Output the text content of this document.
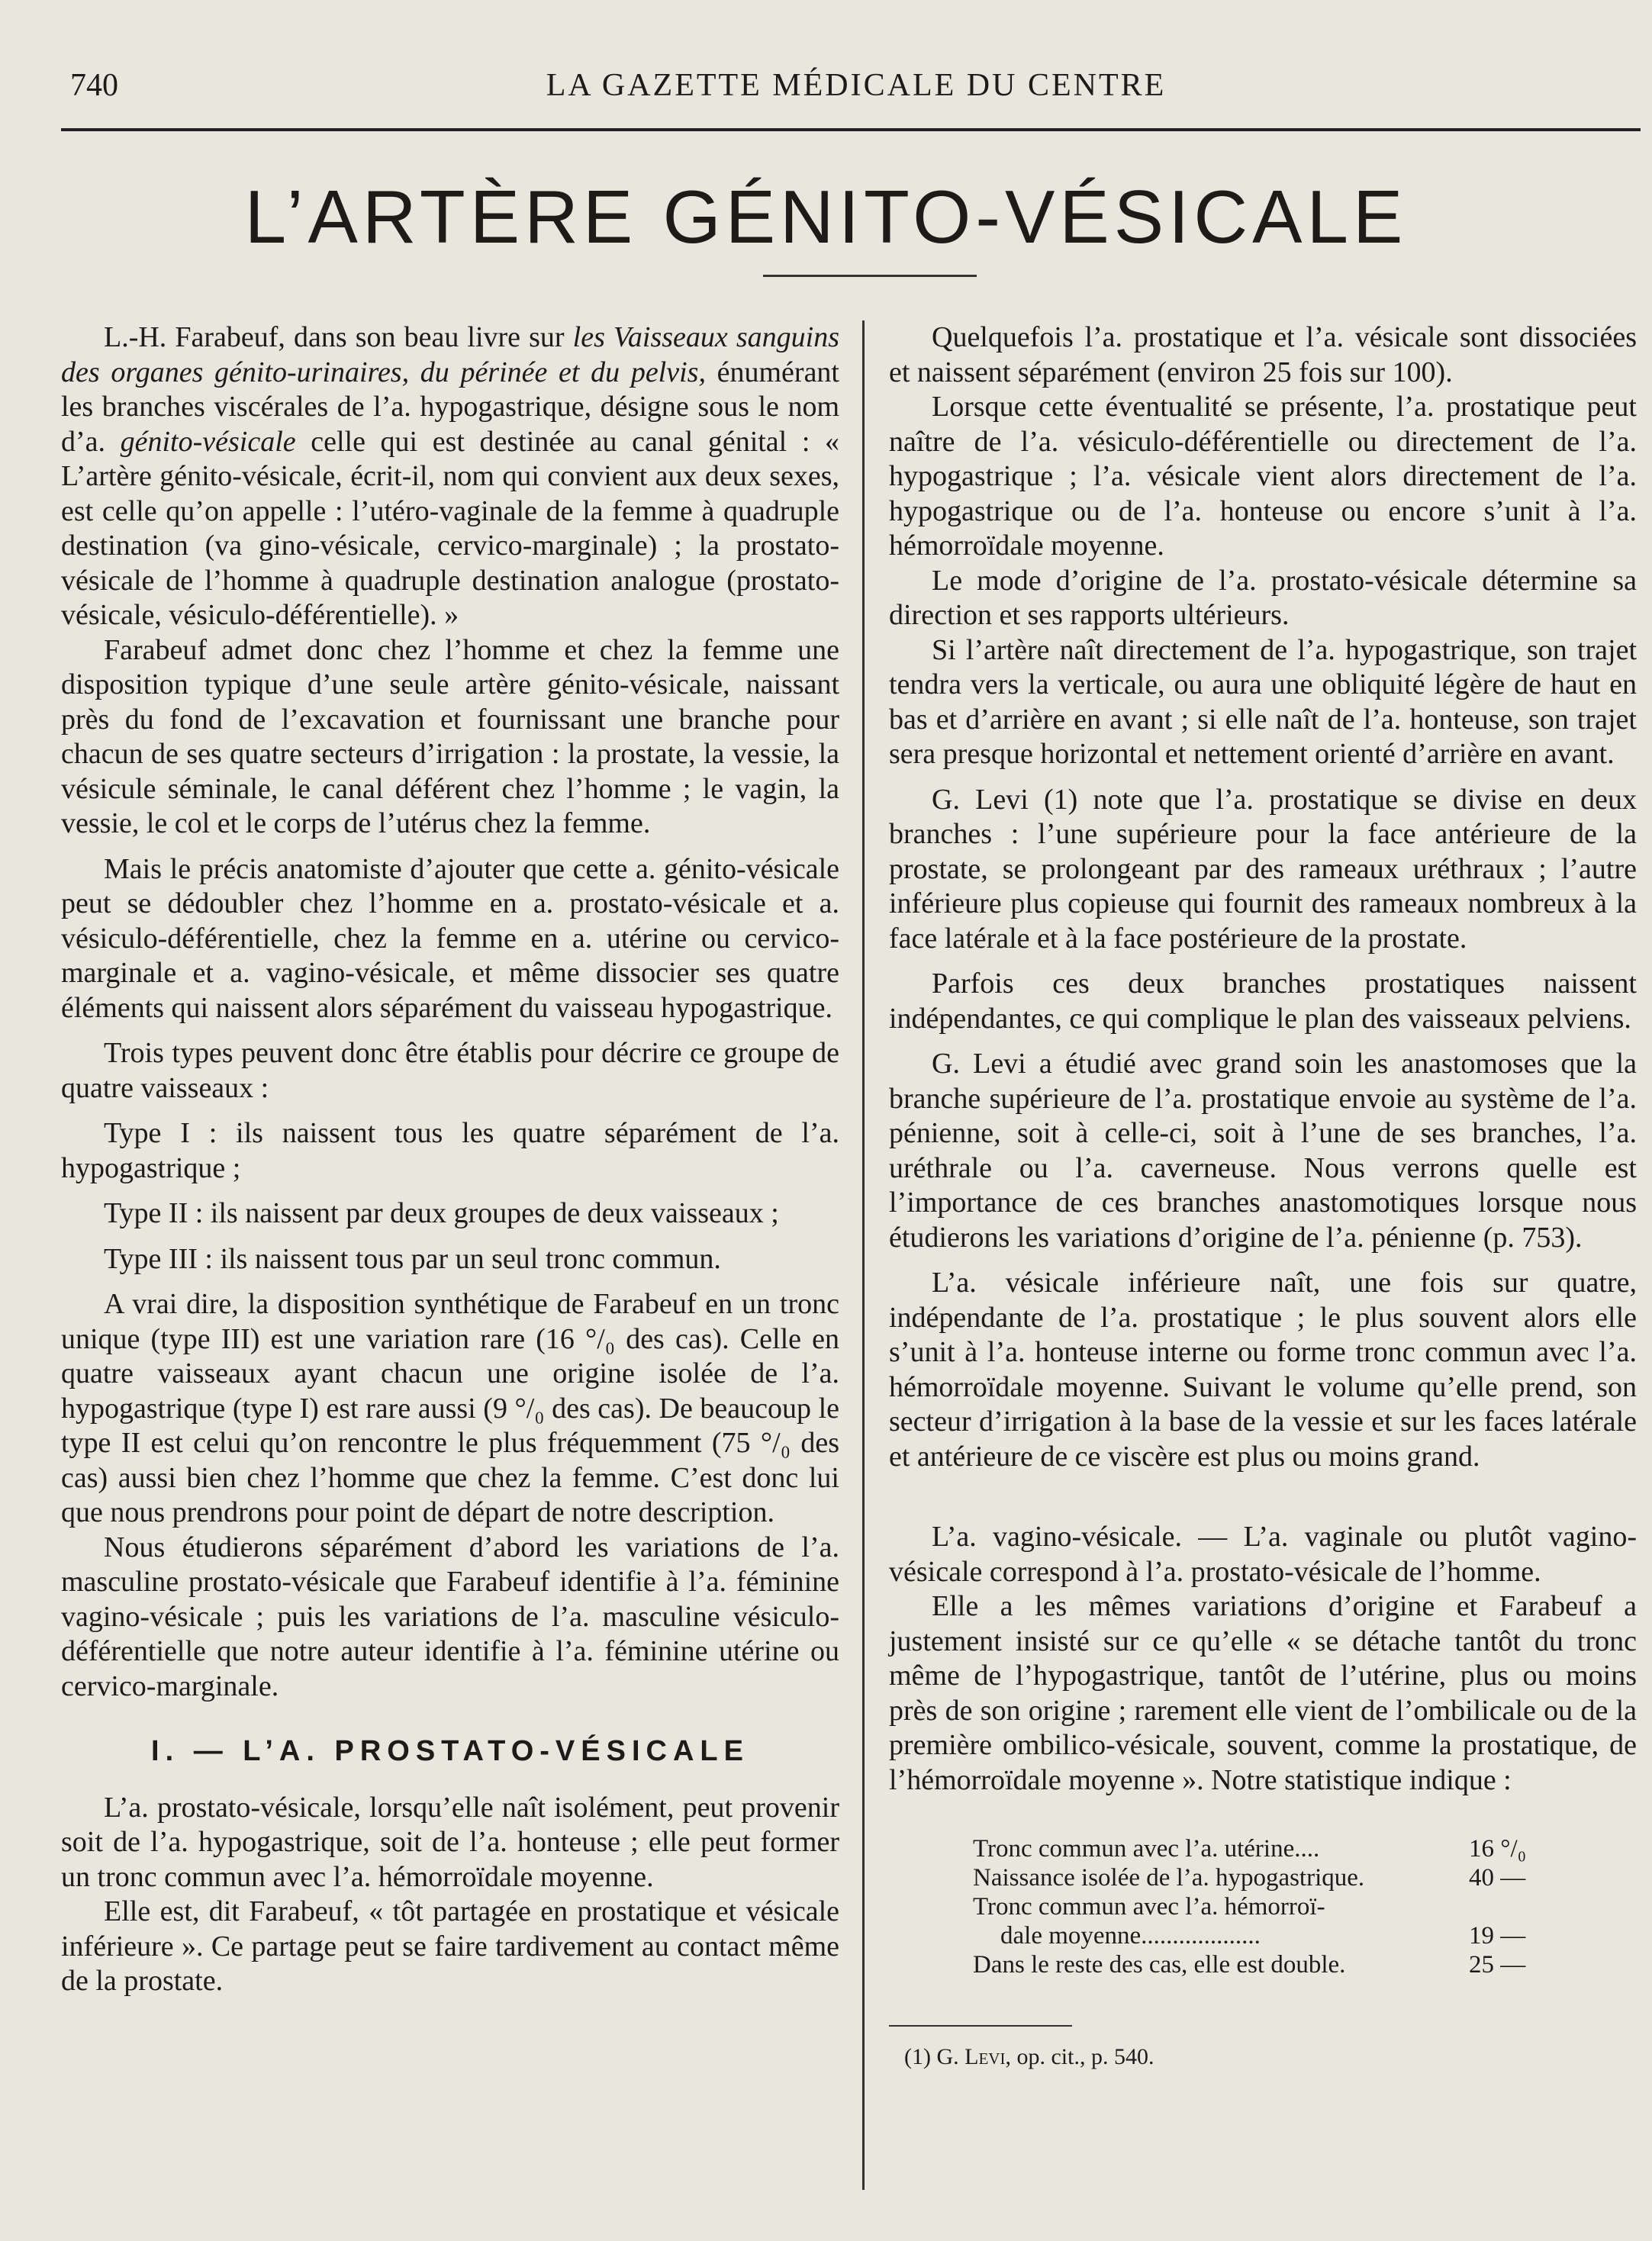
740	LA GAZETTE MÉDICALE DU CENTRE
L’ARTÈRE GÉNITO-VÉSICALE

L.-H. Farabeuf, dans son beau livre sur les Vaisseaux sanguins des organes génito-urinaires, du périnée et du pelvis, énumérant les branches viscérales de l’a. hypogastrique, désigne sous le nom d’a. génito-vésicale celle qui est destinée au canal génital : « L’artère génito-vésicale, écrit-il, nom qui convient aux deux sexes, est celle qu’on appelle : l’utéro-vaginale de la femme à quadruple destination (va gino-vésicale, cervico-marginale) ; la prostato-vésicale de l’homme à quadruple destination analogue (prostato-vésicale, vésiculo-déférentielle). »

Farabeuf admet donc chez l’homme et chez la femme une disposition typique d’une seule artère génito-vésicale, naissant près du fond de l’excavation et fournissant une branche pour chacun de ses quatre secteurs d’irrigation : la prostate, la vessie, la vésicule séminale, le canal déférent chez l’homme ; le vagin, la vessie, le col et le corps de l’utérus chez la femme.

Mais le précis anatomiste d’ajouter que cette a. génito-vésicale peut se dédoubler chez l’homme en a. prostato-vésicale et a. vésiculo-déférentielle, chez la femme en a. utérine ou cervico-marginale et a. vagino-vésicale, et même dissocier ses quatre éléments qui naissent alors séparément du vaisseau hypogastrique.

Trois types peuvent donc être établis pour décrire ce groupe de quatre vaisseaux :

Type I : ils naissent tous les quatre séparément de l’a. hypogastrique ;

Type II : ils naissent par deux groupes de deux vaisseaux ;

Type III : ils naissent tous par un seul tronc commun.

A vrai dire, la disposition synthétique de Farabeuf en un tronc unique (type III) est une variation rare (16 °/₀ des cas). Celle en quatre vaisseaux ayant chacun une origine isolée de l’a. hypogastrique (type I) est rare aussi (9 °/₀ des cas). De beaucoup le type II est celui qu’on rencontre le plus fréquemment (75 °/₀ des cas) aussi bien chez l’homme que chez la femme. C’est donc lui que nous prendrons pour point de départ de notre description.

Nous étudierons séparément d’abord les variations de l’a. masculine prostato-vésicale que Farabeuf identifie à l’a. féminine vagino-vésicale ; puis les variations de l’a. masculine vésiculo-déférentielle que notre auteur identifie à l’a. féminine utérine ou cervico-marginale.

I. — L’A. PROSTATO-VÉSICALE

L’a. prostato-vésicale, lorsqu’elle naît isolément, peut provenir soit de l’a. hypogastrique, soit de l’a. honteuse ; elle peut former un tronc commun avec l’a. hémorroïdale moyenne.

Elle est, dit Farabeuf, « tôt partagée en prostatique et vésicale inférieure ». Ce partage peut se faire tardivement au contact même de la prostate.

Quelquefois l’a. prostatique et l’a. vésicale sont dissociées et naissent séparément (environ 25 fois sur 100).

Lorsque cette éventualité se présente, l’a. prostatique peut naître de l’a. vésiculo-déférentielle ou directement de l’a. hypogastrique ; l’a. vésicale vient alors directement de l’a. hypogastrique ou de l’a. honteuse ou encore s’unit à l’a. hémorroïdale moyenne.

Le mode d’origine de l’a. prostato-vésicale détermine sa direction et ses rapports ultérieurs.

Si l’artère naît directement de l’a. hypogastrique, son trajet tendra vers la verticale, ou aura une obliquité légère de haut en bas et d’arrière en avant ; si elle naît de l’a. honteuse, son trajet sera presque horizontal et nettement orienté d’arrière en avant.

G. Levi (1) note que l’a. prostatique se divise en deux branches : l’une supérieure pour la face antérieure de la prostate, se prolongeant par des rameaux uréthraux ; l’autre inférieure plus copieuse qui fournit des rameaux nombreux à la face latérale et à la face postérieure de la prostate.

Parfois ces deux branches prostatiques naissent indépendantes, ce qui complique le plan des vaisseaux pelviens.

G. Levi a étudié avec grand soin les anastomoses que la branche supérieure de l’a. prostatique envoie au système de l’a. pénienne, soit à celle-ci, soit à l’une de ses branches, l’a. uréthrale ou l’a. caverneuse. Nous verrons quelle est l’importance de ces branches anastomotiques lorsque nous étudierons les variations d’origine de l’a. pénienne (p. 753).

L’a. vésicale inférieure naît, une fois sur quatre, indépendante de l’a. prostatique ; le plus souvent alors elle s’unit à l’a. honteuse interne ou forme tronc commun avec l’a. hémorroïdale moyenne. Suivant le volume qu’elle prend, son secteur d’irrigation à la base de la vessie et sur les faces latérale et antérieure de ce viscère est plus ou moins grand.

L’a. vagino-vésicale. — L’a. vaginale ou plutôt vagino-vésicale correspond à l’a. prostato-vésicale de l’homme.

Elle a les mêmes variations d’origine et Farabeuf a justement insisté sur ce qu’elle « se détache tantôt du tronc même de l’hypogastrique, tantôt de l’utérine, plus ou moins près de son origine ; rarement elle vient de l’ombilicale ou de la première ombilico-vésicale, souvent, comme la prostatique, de l’hémorroïdale moyenne ». Notre statistique indique :

Tronc commun avec l’a. utérine....	16 °/₀
Naissance isolée de l’a. hypogastrique.	40 —
Tronc commun avec l’a. hémorroï-
dale moyenne...................	19 —
Dans le reste des cas, elle est double.	25 —
(1) G. Levi, op. cit., p. 540.
